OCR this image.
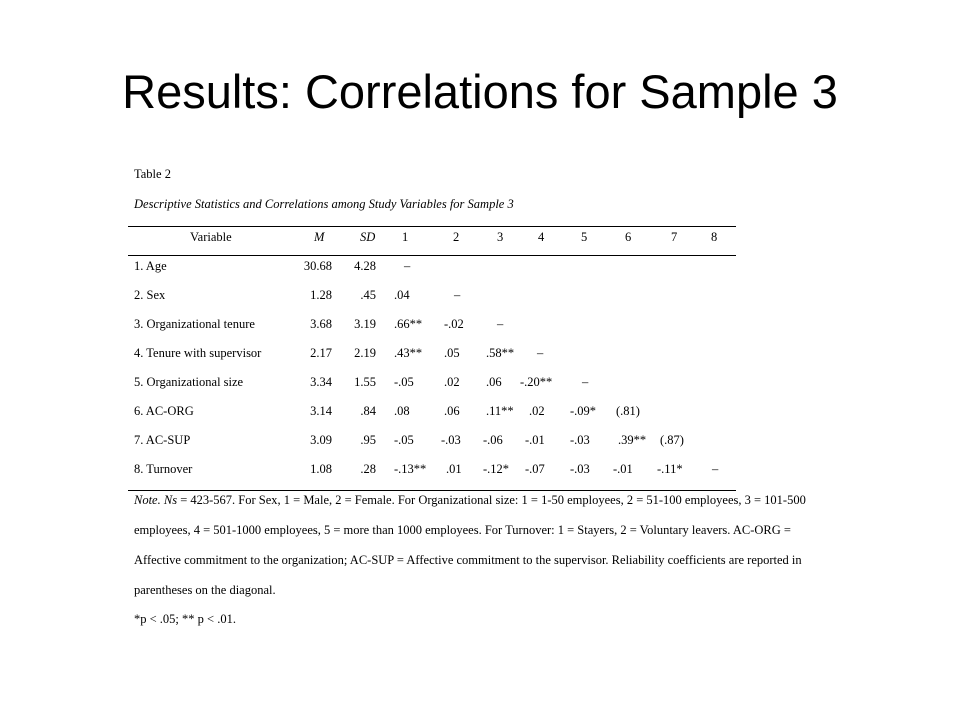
Results: Correlations for Sample 3
Table 2
Descriptive Statistics and Correlations among Study Variables for Sample 3
Variable	M	SD 1	2	3	4	5	6	7	8
1. Age	30.68	4.28 –
2. Sex	1.28	.45 .04	–
3. Organizational tenure	3.68	3.19 .66** -.02	–
4. Tenure with supervisor	2.17	2.19 .43** .05 .58** –
5. Organizational size	3.34	1.55 -.05 .02 .06 -.20** –
6. AC-ORG	3.14	.84 .08	.06 .11** .02 -.09* (.81)
7. AC-SUP	3.09	.95 -.05 -.03 -.06 -.01 -.03 .39** (.87)
8. Turnover	1.08	.28 -.13** .01 -.12* -.07 -.03 -.01 -.11* –
Note. Ns = 423-567. For Sex, 1 = Male, 2 = Female. For Organizational size: 1 = 1-50 employees, 2 = 51-100 employees, 3 = 101-500
employees, 4 = 501-1000 employees, 5 = more than 1000 employees. For Turnover: 1 = Stayers, 2 = Voluntary leavers. AC-ORG =
Affective commitment to the organization; AC-SUP = Affective commitment to the supervisor. Reliability coefficients are reported in
parentheses on the diagonal.
*p < .05; ** p < .01.
